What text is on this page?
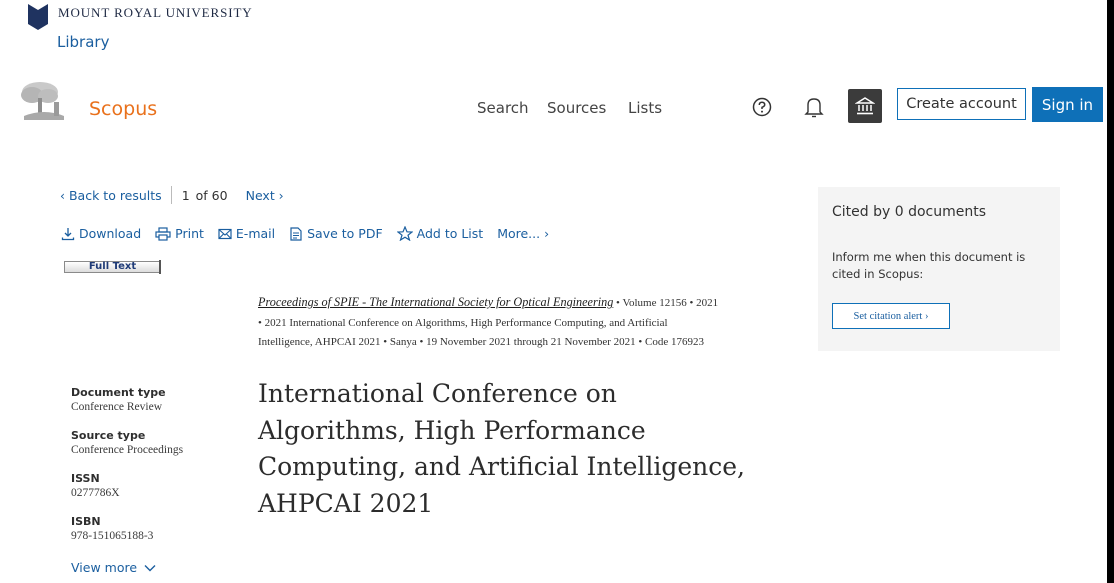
MOUNT ROYAL UNIVERSITY
Library
Scopus	Search Sources Lists	Create account	Sign in
‹ Back to results 1 of 60 Next ›
Download	Print	E-mail	Save to PDF	Add to List More... ›
Full Text
Cited by 0 documents
Inform me when this document is cited in Scopus:
Set citation alert ›
Proceedings of SPIE - The International Society for Optical Engineering • Volume 12156 • 2021
• 2021 International Conference on Algorithms, High Performance Computing, and Artificial
Intelligence, AHPCAI 2021 • Sanya • 19 November 2021 through 21 November 2021 • Code 176923
Document type
Conference Review
Source type
Conference Proceedings
ISSN
0277786X
ISBN
978-151065188-3
View more
International Conference on
Algorithms, High Performance
Computing, and Artificial Intelligence,
AHPCAI 2021
